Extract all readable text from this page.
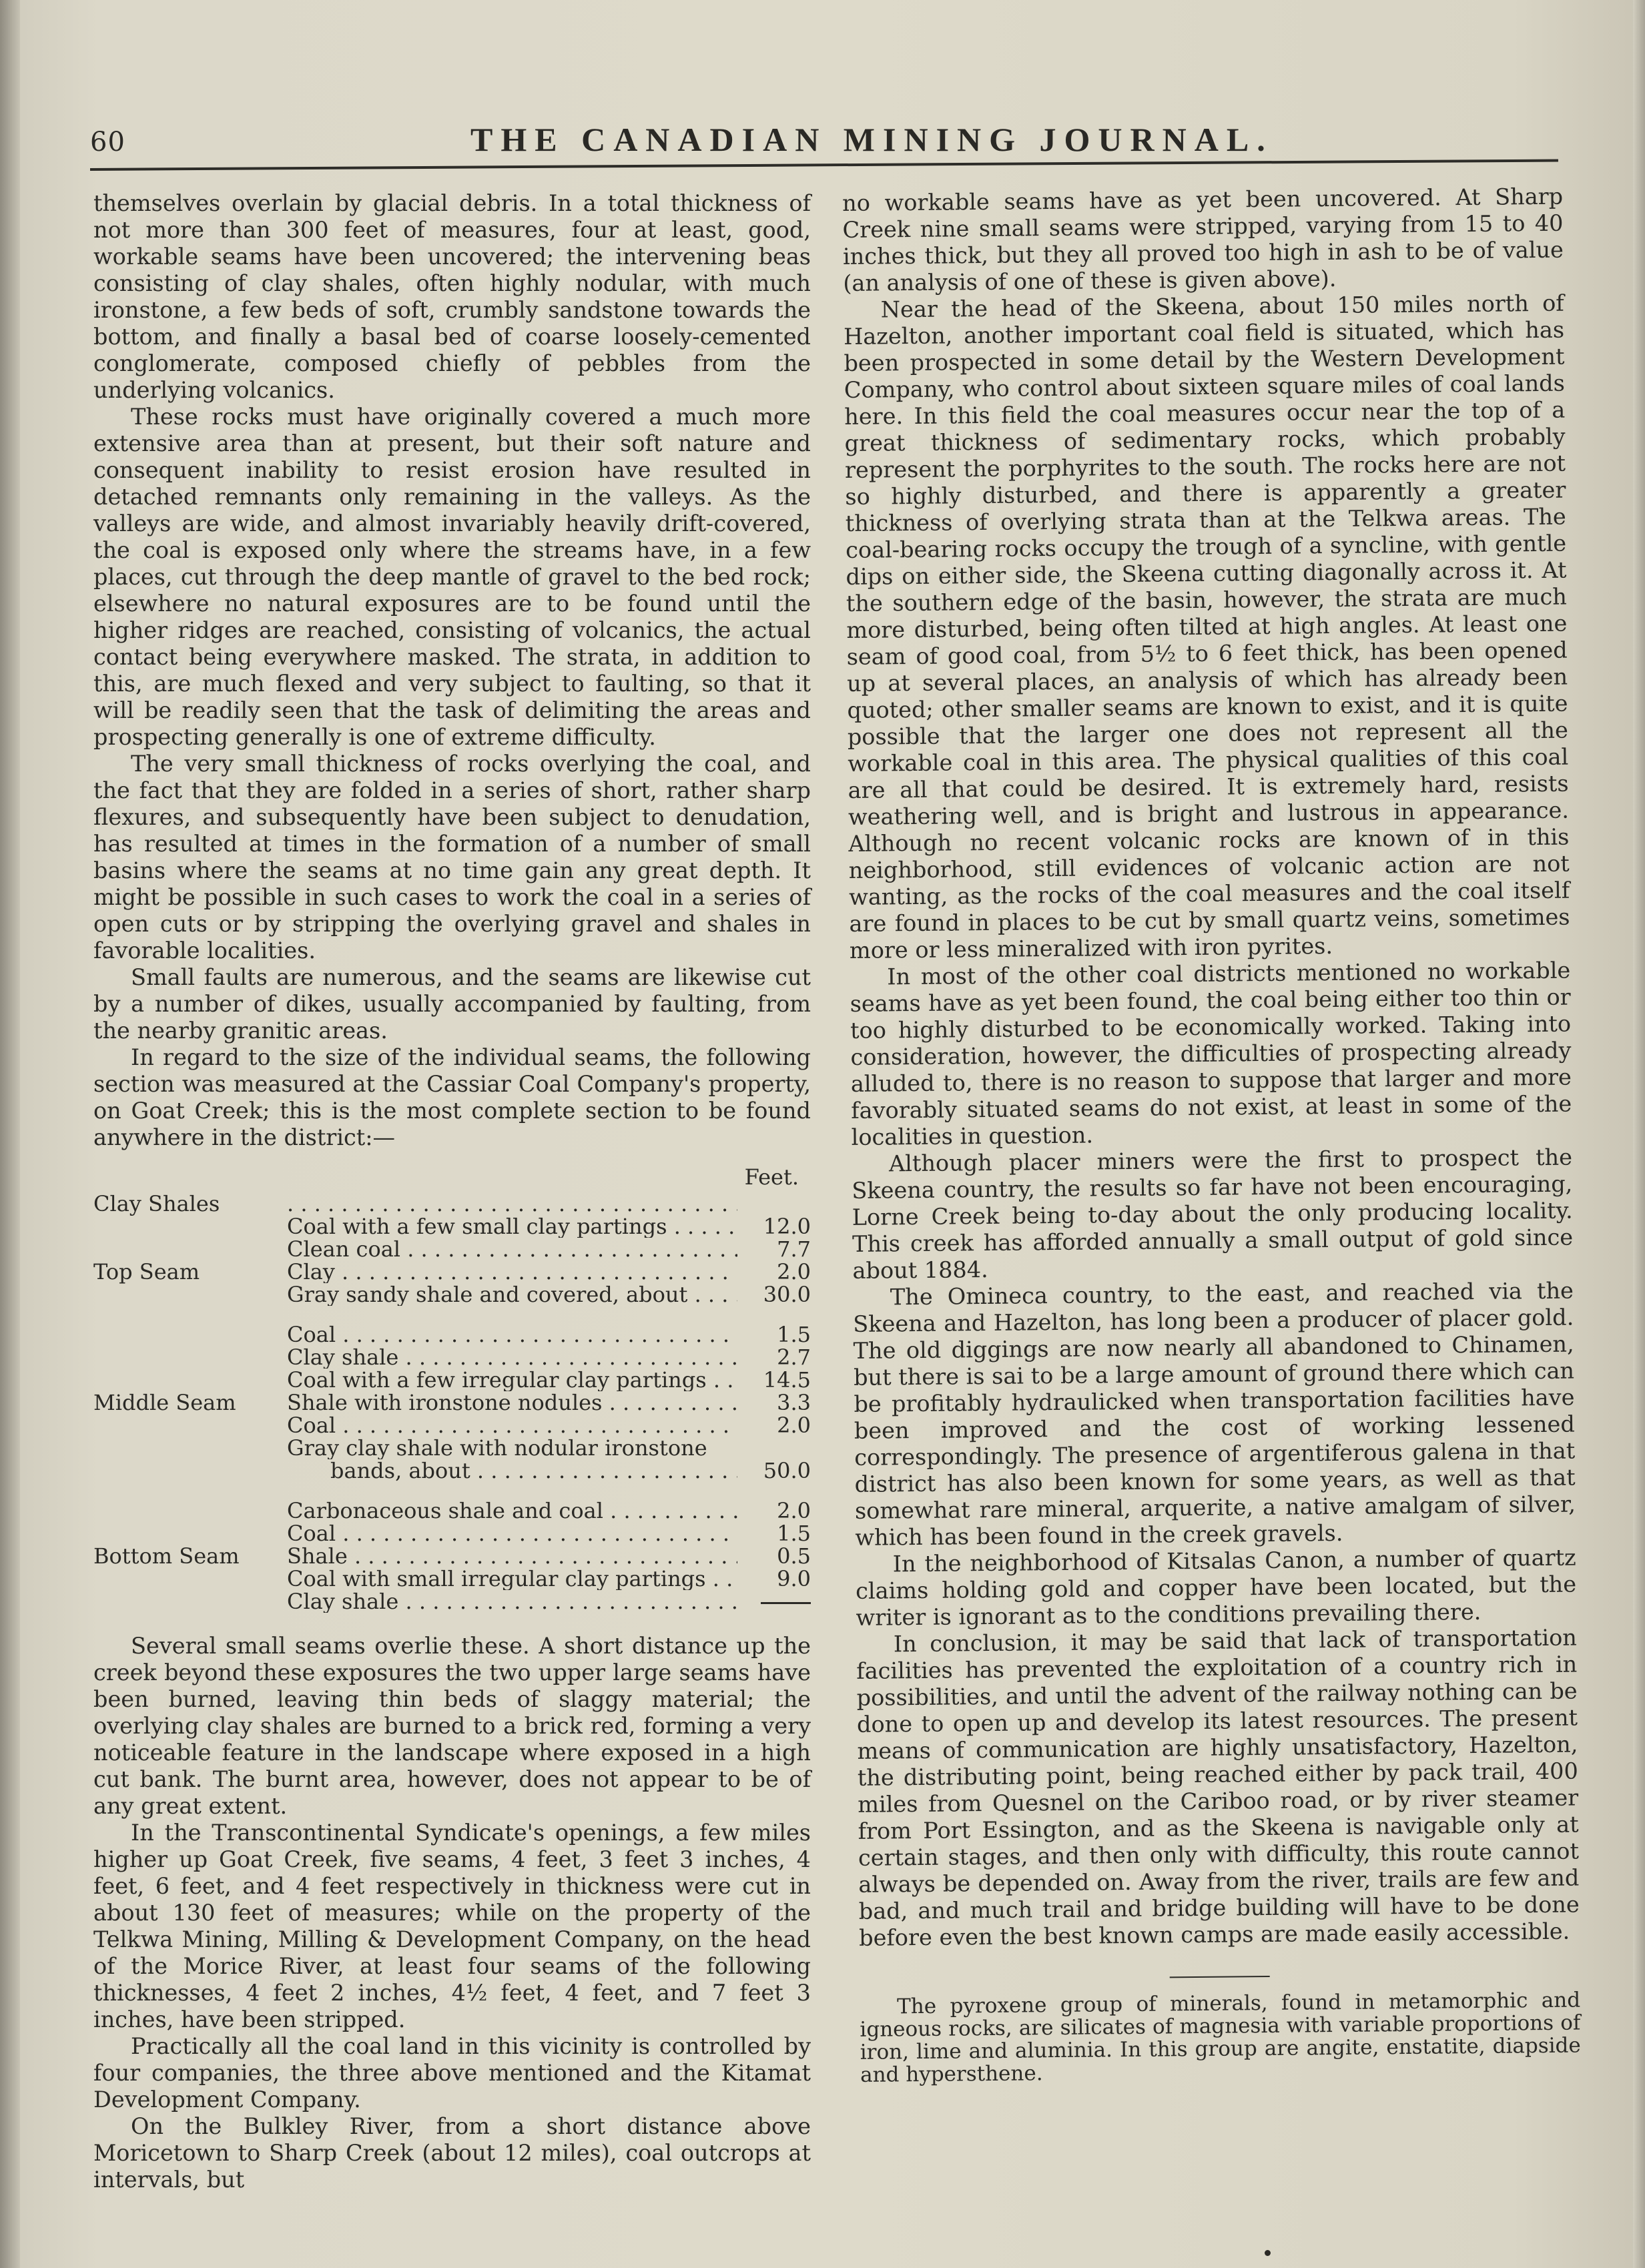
60	THE CANADIAN MINING JOURNAL.

themselves overlain by glacial debris. In a total thickness of not more than 300 feet of measures, four at least, good, workable seams have been uncovered; the intervening beas consisting of clay shales, often highly nodular, with much ironstone, a few beds of soft, crumbly sandstone towards the bottom, and finally a basal bed of coarse loosely-cemented conglomerate, composed chiefly of pebbles from the underlying volcanics.

These rocks must have originally covered a much more extensive area than at present, but their soft nature and consequent inability to resist erosion have resulted in detached remnants only remaining in the valleys. As the valleys are wide, and almost invariably heavily drift-covered, the coal is exposed only where the streams have, in a few places, cut through the deep mantle of gravel to the bed rock; elsewhere no natural exposures are to be found until the higher ridges are reached, consisting of volcanics, the actual contact being everywhere masked. The strata, in addition to this, are much flexed and very subject to faulting, so that it will be readily seen that the task of delimiting the areas and prospecting generally is one of extreme difficulty.

The very small thickness of rocks overlying the coal, and the fact that they are folded in a series of short, rather sharp flexures, and subsequently have been subject to denudation, has resulted at times in the formation of a number of small basins where the seams at no time gain any great depth. It might be possible in such cases to work the coal in a series of open cuts or by stripping the overlying gravel and shales in favorable localities.

Small faults are numerous, and the seams are likewise cut by a number of dikes, usually accompanied by faulting, from the nearby granitic areas.

In regard to the size of the individual seams, the following section was measured at the Cassiar Coal Company's property, on Goat Creek; this is the most complete section to be found anywhere in the district:—

Feet.
Clay Shales
. . .
Coal with a few small clay partings . . .	12.0
Clean coal . . .	7.7
Top Seam	Clay . . .	2.0
Gray sandy shale and covered, about . . .	30.0
Coal . . .	1.5
Clay shale . . .	2.7
Coal with a few irregular clay partings . . .	14.5
Middle Seam	Shale with ironstone nodules . . .	3.3
Coal . . .	2.0
Gray clay shale with nodular ironstone
bands, about . . .	50.0
Carbonaceous shale and coal . . .	2.0
Coal . . .	1.5
Bottom Seam	Shale . . .	0.5
Coal with small irregular clay partings . . .	9.0
Clay shale . . .

Several small seams overlie these. A short distance up the creek beyond these exposures the two upper large seams have been burned, leaving thin beds of slaggy material; the overlying clay shales are burned to a brick red, forming a very noticeable feature in the landscape where exposed in a high cut bank. The burnt area, however, does not appear to be of any great extent.

In the Transcontinental Syndicate's openings, a few miles higher up Goat Creek, five seams, 4 feet, 3 feet 3 inches, 4 feet, 6 feet, and 4 feet respectively in thickness were cut in about 130 feet of measures; while on the property of the Telkwa Mining, Milling & Development Company, on the head of the Morice River, at least four seams of the following thicknesses, 4 feet 2 inches, 4½ feet, 4 feet, and 7 feet 3 inches, have been stripped.

Practically all the coal land in this vicinity is controlled by four companies, the three above mentioned and the Kitamat Development Company.

On the Bulkley River, from a short distance above Moricetown to Sharp Creek (about 12 miles), coal outcrops at intervals, but

no workable seams have as yet been uncovered. At Sharp Creek nine small seams were stripped, varying from 15 to 40 inches thick, but they all proved too high in ash to be of value (an analysis of one of these is given above).

Near the head of the Skeena, about 150 miles north of Hazelton, another important coal field is situated, which has been prospected in some detail by the Western Development Company, who control about sixteen square miles of coal lands here. In this field the coal measures occur near the top of a great thickness of sedimentary rocks, which probably represent the porphyrites to the south. The rocks here are not so highly disturbed, and there is apparently a greater thickness of overlying strata than at the Telkwa areas. The coal-bearing rocks occupy the trough of a syncline, with gentle dips on either side, the Skeena cutting diagonally across it. At the southern edge of the basin, however, the strata are much more disturbed, being often tilted at high angles. At least one seam of good coal, from 5½ to 6 feet thick, has been opened up at several places, an analysis of which has already been quoted; other smaller seams are known to exist, and it is quite possible that the larger one does not represent all the workable coal in this area. The physical qualities of this coal are all that could be desired. It is extremely hard, resists weathering well, and is bright and lustrous in appearance. Although no recent volcanic rocks are known of in this neighborhood, still evidences of volcanic action are not wanting, as the rocks of the coal measures and the coal itself are found in places to be cut by small quartz veins, sometimes more or less mineralized with iron pyrites.

In most of the other coal districts mentioned no workable seams have as yet been found, the coal being either too thin or too highly disturbed to be economically worked. Taking into consideration, however, the difficulties of prospecting already alluded to, there is no reason to suppose that larger and more favorably situated seams do not exist, at least in some of the localities in question.

Although placer miners were the first to prospect the Skeena country, the results so far have not been encouraging, Lorne Creek being to-day about the only producing locality. This creek has afforded annually a small output of gold since about 1884.

The Omineca country, to the east, and reached via the Skeena and Hazelton, has long been a producer of placer gold. The old diggings are now nearly all abandoned to Chinamen, but there is sai to be a large amount of ground there which can be profitably hydraulicked when transportation facilities have been improved and the cost of working lessened correspondingly. The presence of argentiferous galena in that district has also been known for some years, as well as that somewhat rare mineral, arquerite, a native amalgam of silver, which has been found in the creek gravels.

In the neighborhood of Kitsalas Canon, a number of quartz claims holding gold and copper have been located, but the writer is ignorant as to the conditions prevailing there.

In conclusion, it may be said that lack of transportation facilities has prevented the exploitation of a country rich in possibilities, and until the advent of the railway nothing can be done to open up and develop its latest resources. The present means of communication are highly unsatisfactory, Hazelton, the distributing point, being reached either by pack trail, 400 miles from Quesnel on the Cariboo road, or by river steamer from Port Essington, and as the Skeena is navigable only at certain stages, and then only with difficulty, this route cannot always be depended on. Away from the river, trails are few and bad, and much trail and bridge building will have to be done before even the best known camps are made easily accessible.

The pyroxene group of minerals, found in metamorphic and igneous rocks, are silicates of magnesia with variable proportions of iron, lime and aluminia. In this group are angite, enstatite, diapside and hypersthene.
